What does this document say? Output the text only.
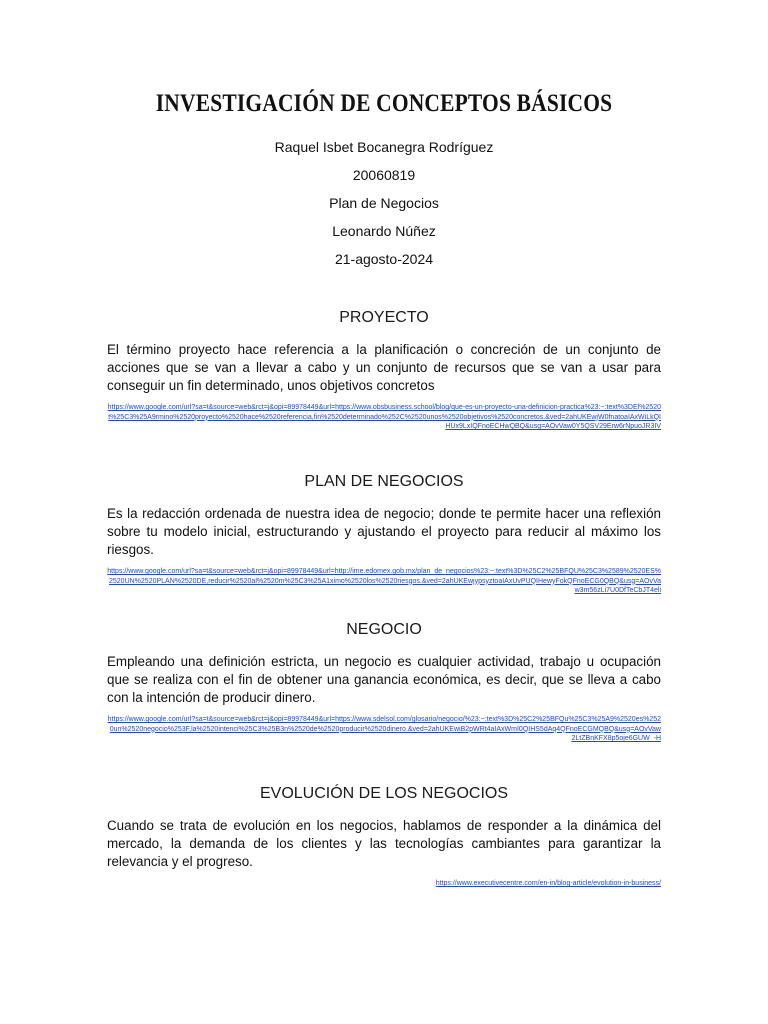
INVESTIGACIÓN DE CONCEPTOS BÁSICOS
Raquel Isbet Bocanegra Rodríguez
20060819
Plan de Negocios
Leonardo Núñez
21-agosto-2024
PROYECTO

El término proyecto hace referencia a la planificación o concreción de un conjunto de acciones que se van a llevar a cabo y un conjunto de recursos que se van a usar para conseguir un fin determinado, unos objetivos concretos

https://www.google.com/url?sa=t&source=web&rct=j&opi=89978449&url=https://www.obsbusiness.school/blog/que-es-un-proyecto-una-definicion-practica%23:~:text%3DEl%2520t%25C3%25A9rmino%2520proyecto%2520hace%2520referencia,fin%2520determinado%252C%2520unos%2520objetivos%2520concretos.&ved=2ahUKEwjW0fnatoaIAxWiLkQIHUx9LxIQFnoECHwQBQ&usg=AOvVaw0Y5QSV29Erw6rNpuoJR3IV
PLAN DE NEGOCIOS

Es la redacción ordenada de nuestra idea de negocio; donde te permite hacer una reflexión sobre tu modelo inicial, estructurando y ajustando el proyecto para reducir al máximo los riesgos.

https://www.google.com/url?sa=t&source=web&rct=j&opi=89978449&url=http://ime.edomex.gob.mx/plan_de_negocios%23:~:text%3D%25C2%25BFQU%25C3%2589%2520ES%2520UN%2520PLAN%2520DE,reducir%2520al%2520m%25C3%25A1ximo%2520los%2520riesgos.&ved=2ahUKEwjypsyztoaIAxUvPUQIHewyFokQFnoECG0QBQ&usg=AOvVaw3m56zLi7U0DfTeCbJT4eli
NEGOCIO

Empleando una definición estricta, un negocio es cualquier actividad, trabajo u ocupación que se realiza con el fin de obtener una ganancia económica, es decir, que se lleva a cabo con la intención de producir dinero.

https://www.google.com/url?sa=t&source=web&rct=j&opi=89978449&url=https://www.sdelsol.com/glosario/negocio/%23:~:text%3D%25C2%25BFQu%25C3%25A9%2520es%2520un%2520negocio%253F,la%2520intenci%25C3%25B3n%2520de%2520producir%2520dinero.&ved=2ahUKEwiB2pWRt4aIAxWmI0QIHS5dAq4QFnoECGMQBQ&usg=AOvVaw2LtZBnKFX8p5oje6GUW_-H
EVOLUCIÓN DE LOS NEGOCIOS

Cuando se trata de evolución en los negocios, hablamos de responder a la dinámica del mercado, la demanda de los clientes y las tecnologías cambiantes para garantizar la relevancia y el progreso.

https://www.executivecentre.com/en-in/blog-article/evolution-in-business/
